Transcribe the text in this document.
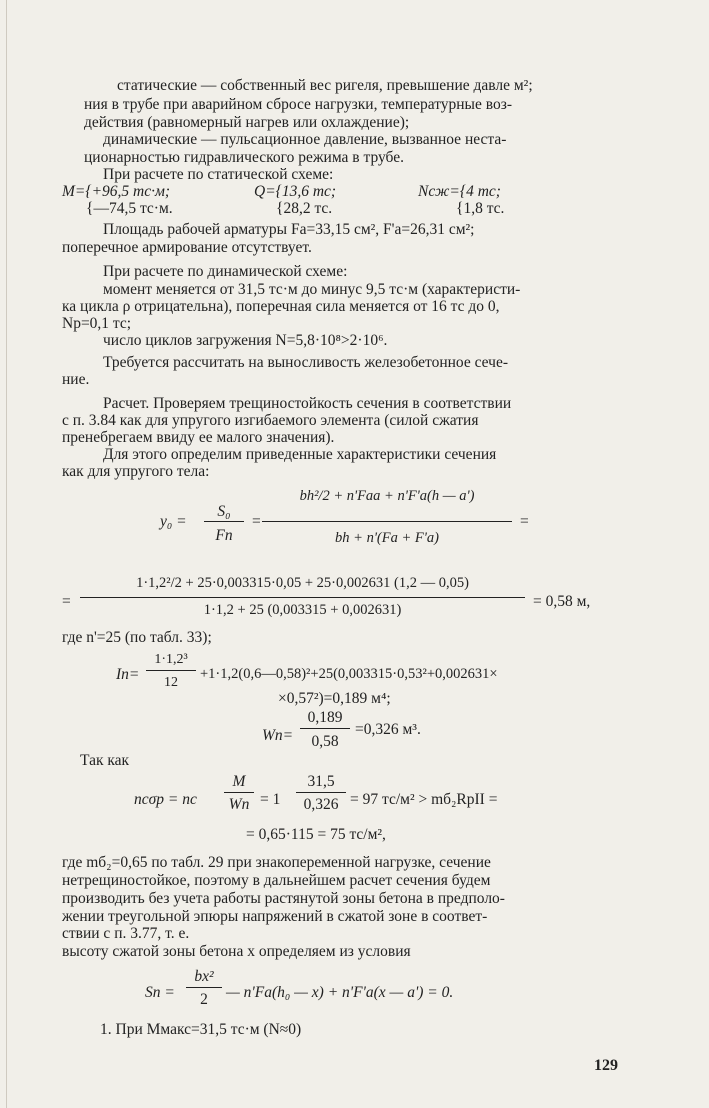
статические — собственный вес ригеля, превышение давле м²;
ния в трубе при аварийном сбросе нагрузки, температурные воз-
действия (равномерный нагрев или охлаждение);
динамические — пульсационное давление, вызванное неста-
ционарностью гидравлического режима в трубе.
При расчете по статической схеме:
M={+96,5 тс·м;
{—74,5 тс·м.
Q={13,6 тс;
{28,2 тс.
Nсж={4 тс;
{1,8 тс.
Площадь рабочей арматуры Fа=33,15 см², F'а=26,31 см²;
поперечное армирование отсутствует.
При расчете по динамической схеме:
момент меняется от 31,5 тс·м до минус 9,5 тс·м (характеристи-
ка цикла ρ отрицательна), поперечная сила меняется от 16 тс до 0,
Nр=0,1 тс;
число циклов загружения N=5,8·10⁸>2·10⁶.
Требуется рассчитать на выносливость железобетонное сече-
ние.
Расчет. Проверяем трещиностойкость сечения в соответствии
с п. 3.84 как для упругого изгибаемого элемента (силой сжатия
пренебрегаем ввиду ее малого значения).
Для этого определим приведенные характеристики сечения
как для упругого тела:
y₀ =
S₀
Fп
=
bh²/2 + n'Fаa + n'F'а(h — a')
bh + n'(Fа + F'а)
=
=
1·1,2²/2 + 25·0,003315·0,05 + 25·0,002631 (1,2 — 0,05)
1·1,2 + 25 (0,003315 + 0,002631)	= 0,58 м,
где n'=25 (по табл. 33);
Iп=
1·1,2³
12
+1·1,2(0,6—0,58)²+25(0,003315·0,53²+0,002631×
×0,57²)=0,189 м⁴;
Wп=
0,189
0,58
=0,326 м³.
Так как
nсσр = nс
M
Wп = 1
31,5
0,326 = 97 тс/м² > mб₂RрII =
= 0,65·115 = 75 тс/м²,
где mб₂=0,65 по табл. 29 при знакопеременной нагрузке, сечение
нетрещиностойкое, поэтому в дальнейшем расчет сечения будем
производить без учета работы растянутой зоны бетона в предполо-
жении треугольной эпюры напряжений в сжатой зоне в соответ-
ствии с п. 3.77, т. е.
высоту сжатой зоны бетона x определяем из условия
Sп =
bx²
2	— n'Fа(h₀ — x) + n'F'а(x — a') = 0.
1. При Mмакс=31,5 тс·м (N≈0)
129
